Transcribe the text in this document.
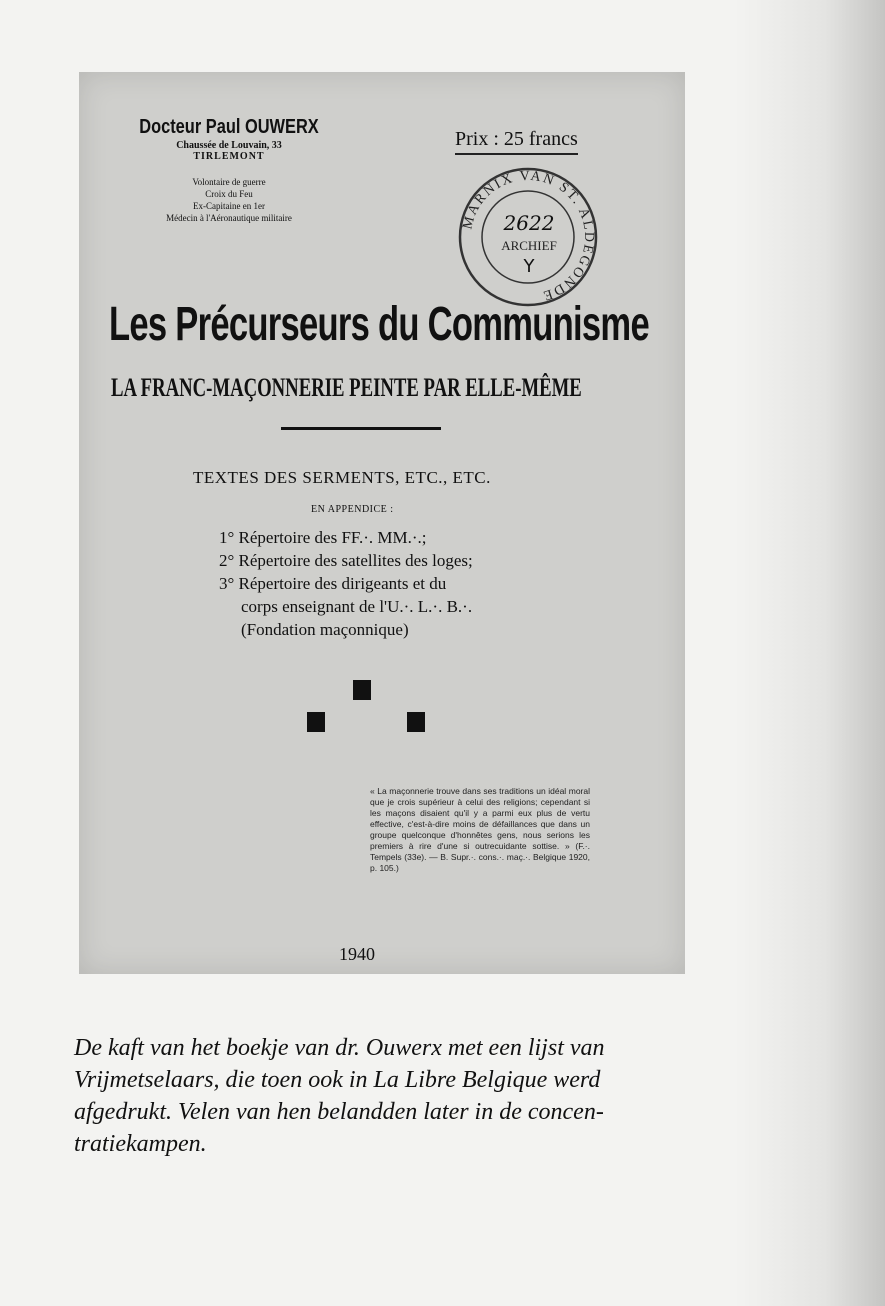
Docteur Paul OUWERX
Chaussée de Louvain, 33
TIRLEMONT
Volontaire de guerre
Croix du Feu
Ex-Capitaine en 1er
Médecin à l'Aéronautique militaire
Prix : 25 francs
MARNIX VAN ST. ALDEGONDE
2622
ARCHIEF
Y
Les Précurseurs du Communisme
LA FRANC-MAÇONNERIE PEINTE PAR ELLE-MÊME
TEXTES DES SERMENTS, ETC., ETC.
EN APPENDICE :
1° Répertoire des FF.·. MM.·.;
2° Répertoire des satellites des loges;
3° Répertoire des dirigeants et du
corps enseignant de l'U.·. L.·. B.·.
(Fondation maçonnique)
« La maçonnerie trouve dans ses traditions un idéal moral que je crois supérieur à celui des religions; cependant si les maçons disaient qu'il y a parmi eux plus de vertu effective, c'est-à-dire moins de défaillances que dans un groupe quelconque d'honnêtes gens, nous serions les premiers à rire d'une si outrecuidante sottise. » (F.·. Tempels (33e). — B. Supr.·. cons.·. maç.·. Belgique 1920, p. 105.)
1940
De kaft van het boekje van dr. Ouwerx met een lijst van
Vrijmetselaars, die toen ook in La Libre Belgique werd
afgedrukt. Velen van hen belandden later in de concen-
tratiekampen.
